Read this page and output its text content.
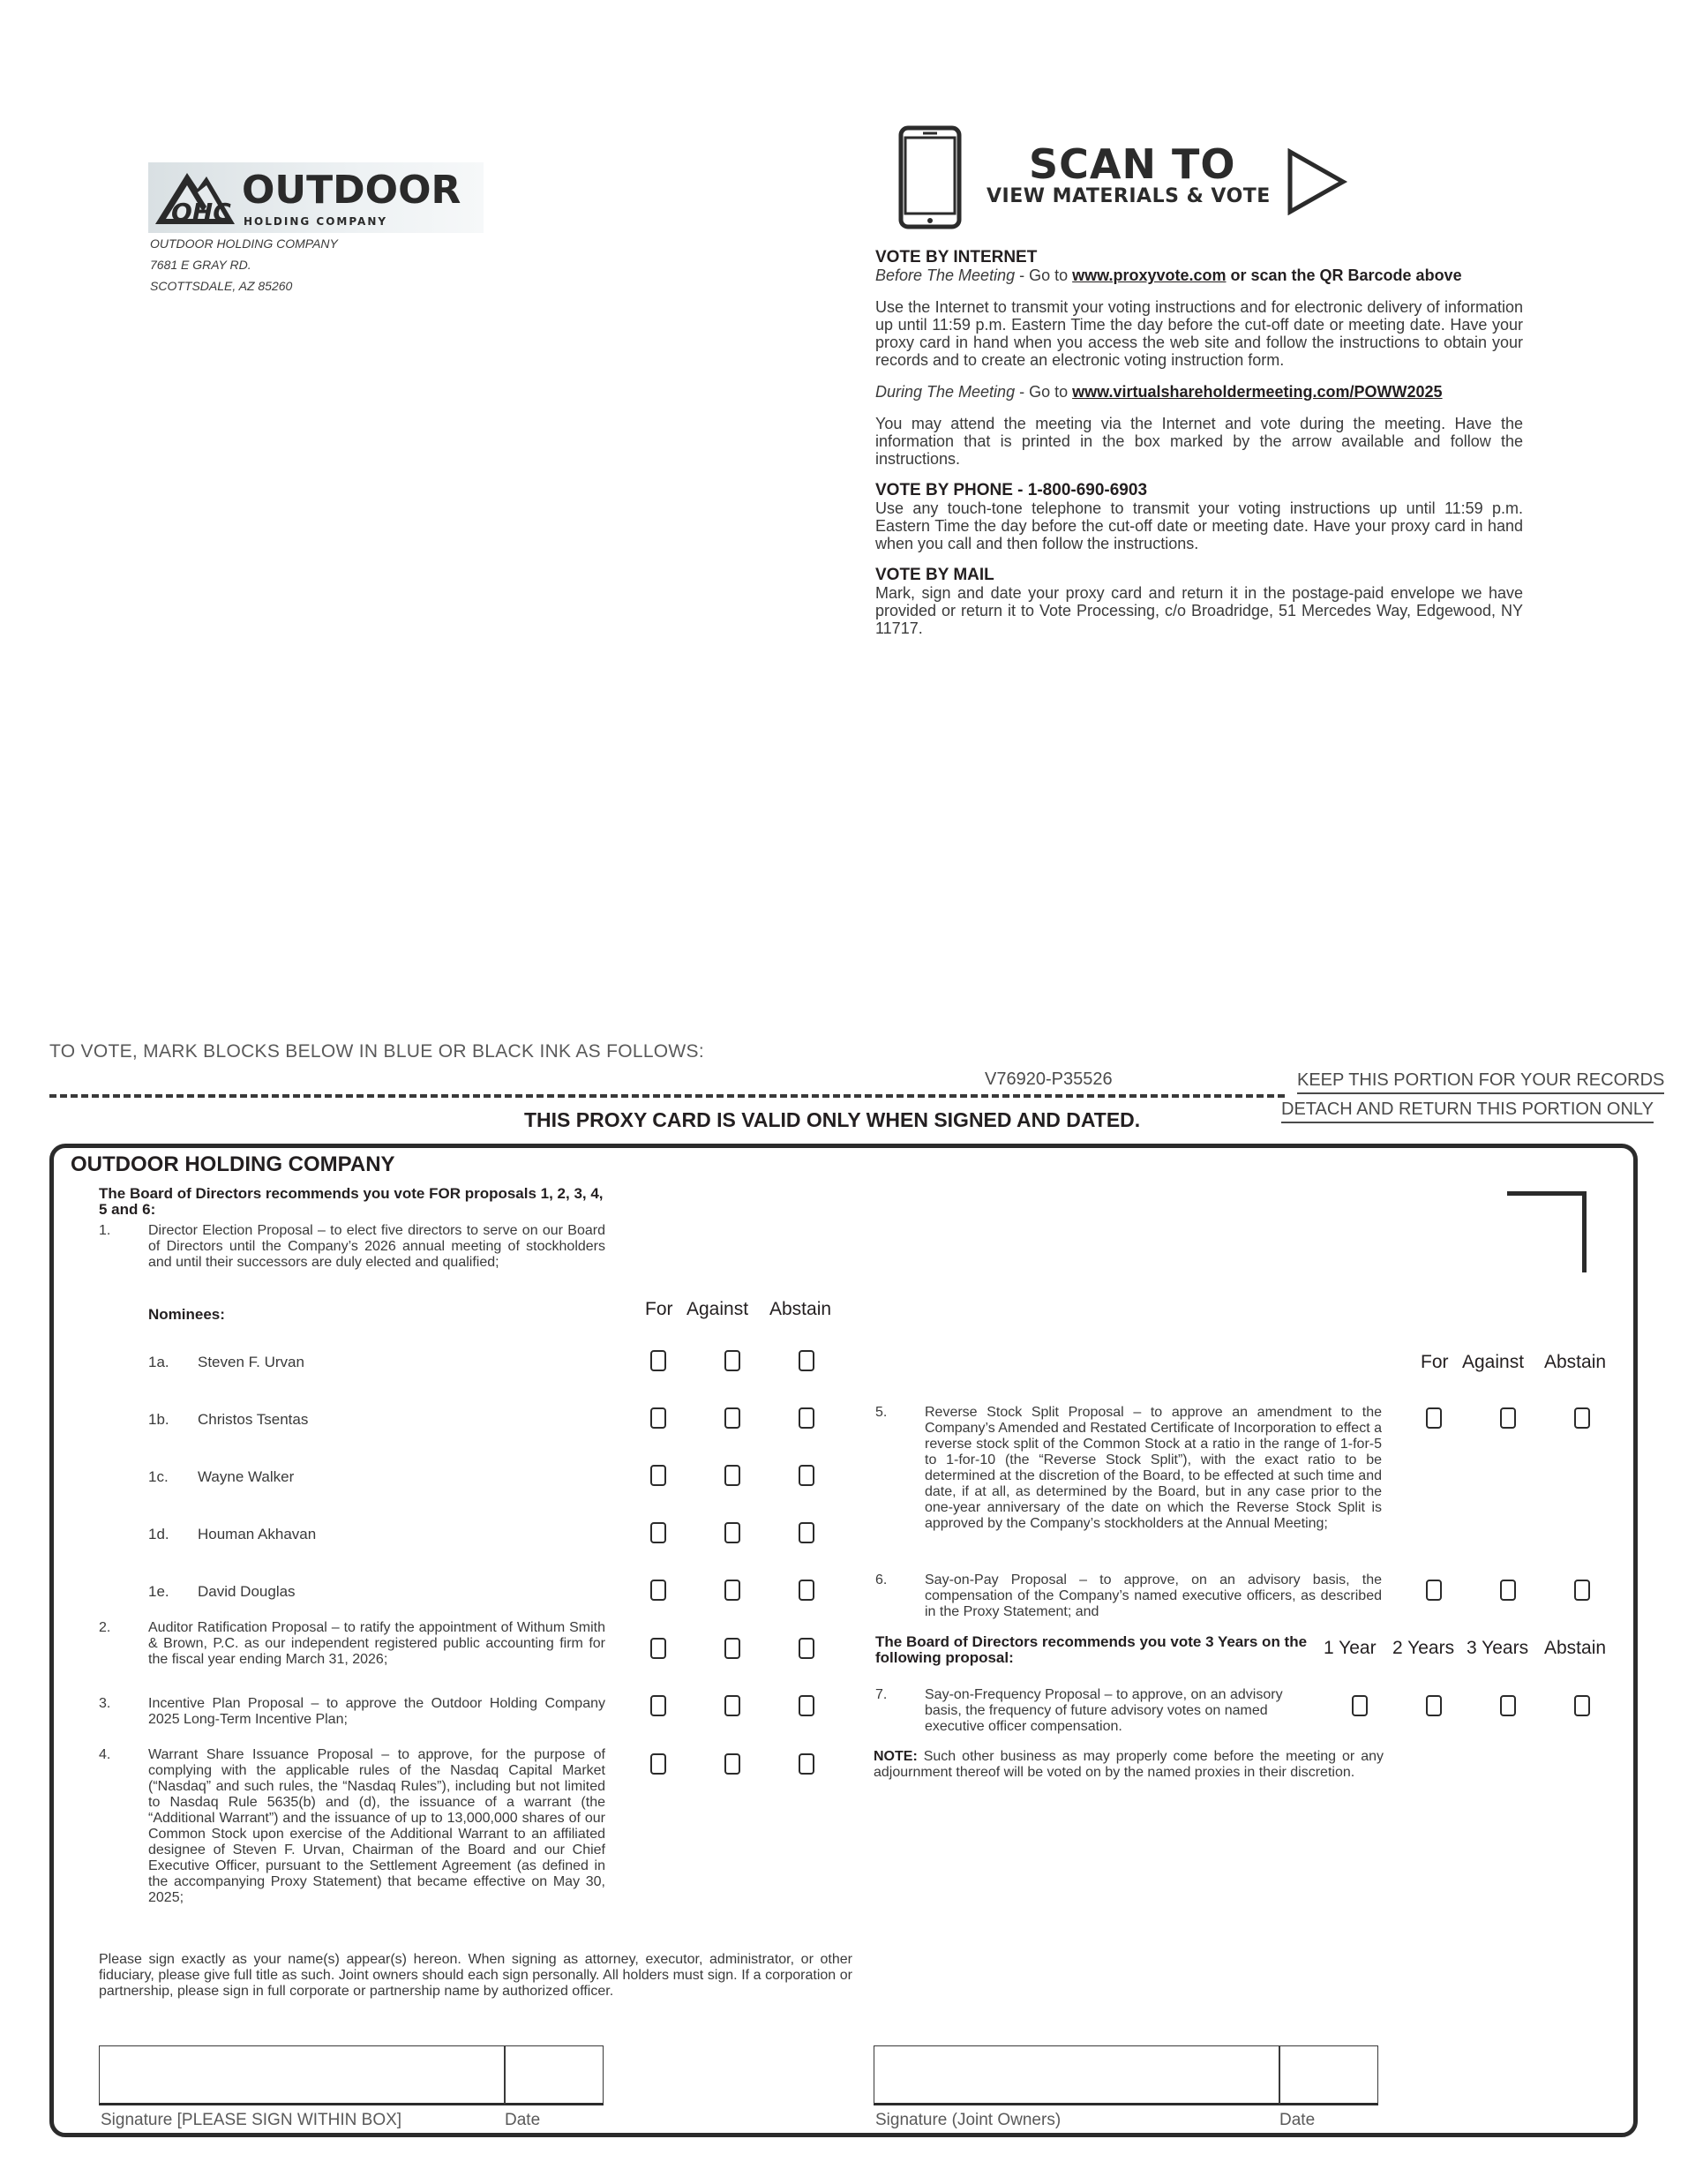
OHC OUTDOOR
HOLDING COMPANY
OUTDOOR HOLDING COMPANY
7681 E GRAY RD.
SCOTTSDALE, AZ 85260
SCAN TO
VIEW MATERIALS & VOTE
VOTE BY INTERNET
Before The Meeting - Go to www.proxyvote.com or scan the QR Barcode above
Use the Internet to transmit your voting instructions and for electronic delivery of information up until 11:59 p.m. Eastern Time the day before the cut-off date or meeting date. Have your proxy card in hand when you access the web site and follow the instructions to obtain your records and to create an electronic voting instruction form.
During The Meeting - Go to www.virtualshareholdermeeting.com/POWW2025
You may attend the meeting via the Internet and vote during the meeting. Have the information that is printed in the box marked by the arrow available and follow the instructions.
VOTE BY PHONE - 1-800-690-6903
Use any touch-tone telephone to transmit your voting instructions up until 11:59 p.m. Eastern Time the day before the cut-off date or meeting date. Have your proxy card in hand when you call and then follow the instructions.
VOTE BY MAIL
Mark, sign and date your proxy card and return it in the postage-paid envelope we have provided or return it to Vote Processing, c/o Broadridge, 51 Mercedes Way, Edgewood, NY 11717.
TO VOTE, MARK BLOCKS BELOW IN BLUE OR BLACK INK AS FOLLOWS:
V76920-P35526	KEEP THIS PORTION FOR YOUR RECORDS
THIS PROXY CARD IS VALID ONLY WHEN SIGNED AND DATED.	DETACH AND RETURN THIS PORTION ONLY
OUTDOOR HOLDING COMPANY
The Board of Directors recommends you vote FOR proposals 1, 2, 3, 4, 5 and 6:
1.	Director Election Proposal – to elect five directors to serve on our Board of Directors until the Company’s 2026 annual meeting of stockholders and until their successors are duly elected and qualified;
Nominees:	For Against Abstain
1a. Steven F. Urvan
1b. Christos Tsentas
1c. Wayne Walker
1d. Houman Akhavan
1e. David Douglas
2.	Auditor Ratification Proposal – to ratify the appointment of Withum Smith & Brown, P.C. as our independent registered public accounting firm for the fiscal year ending March 31, 2026;
3.	Incentive Plan Proposal – to approve the Outdoor Holding Company 2025 Long-Term Incentive Plan;
4.	Warrant Share Issuance Proposal – to approve, for the purpose of complying with the applicable rules of the Nasdaq Capital Market (“Nasdaq” and such rules, the “Nasdaq Rules”), including but not limited to Nasdaq Rule 5635(b) and (d), the issuance of a warrant (the “Additional Warrant”) and the issuance of up to 13,000,000 shares of our Common Stock upon exercise of the Additional Warrant to an affiliated designee of Steven F. Urvan, Chairman of the Board and our Chief Executive Officer, pursuant to the Settlement Agreement (as defined in the accompanying Proxy Statement) that became effective on May 30, 2025;
For Against Abstain
5.	Reverse Stock Split Proposal – to approve an amendment to the Company’s Amended and Restated Certificate of Incorporation to effect a reverse stock split of the Common Stock at a ratio in the range of 1-for-5 to 1-for-10 (the “Reverse Stock Split”), with the exact ratio to be determined at the discretion of the Board, to be effected at such time and date, if at all, as determined by the Board, but in any case prior to the one-year anniversary of the date on which the Reverse Stock Split is approved by the Company’s stockholders at the Annual Meeting;
6.	Say-on-Pay Proposal – to approve, on an advisory basis, the compensation of the Company’s named executive officers, as described in the Proxy Statement; and
The Board of Directors recommends you vote 3 Years on the following proposal:	1 Year 2 Years 3 Years Abstain
7.	Say-on-Frequency Proposal – to approve, on an advisory basis, the frequency of future advisory votes on named executive officer compensation.
NOTE: Such other business as may properly come before the meeting or any adjournment thereof will be voted on by the named proxies in their discretion.
Please sign exactly as your name(s) appear(s) hereon. When signing as attorney, executor, administrator, or other fiduciary, please give full title as such. Joint owners should each sign personally. All holders must sign. If a corporation or partnership, please sign in full corporate or partnership name by authorized officer.
Signature [PLEASE SIGN WITHIN BOX]	Date	Signature (Joint Owners)	Date
